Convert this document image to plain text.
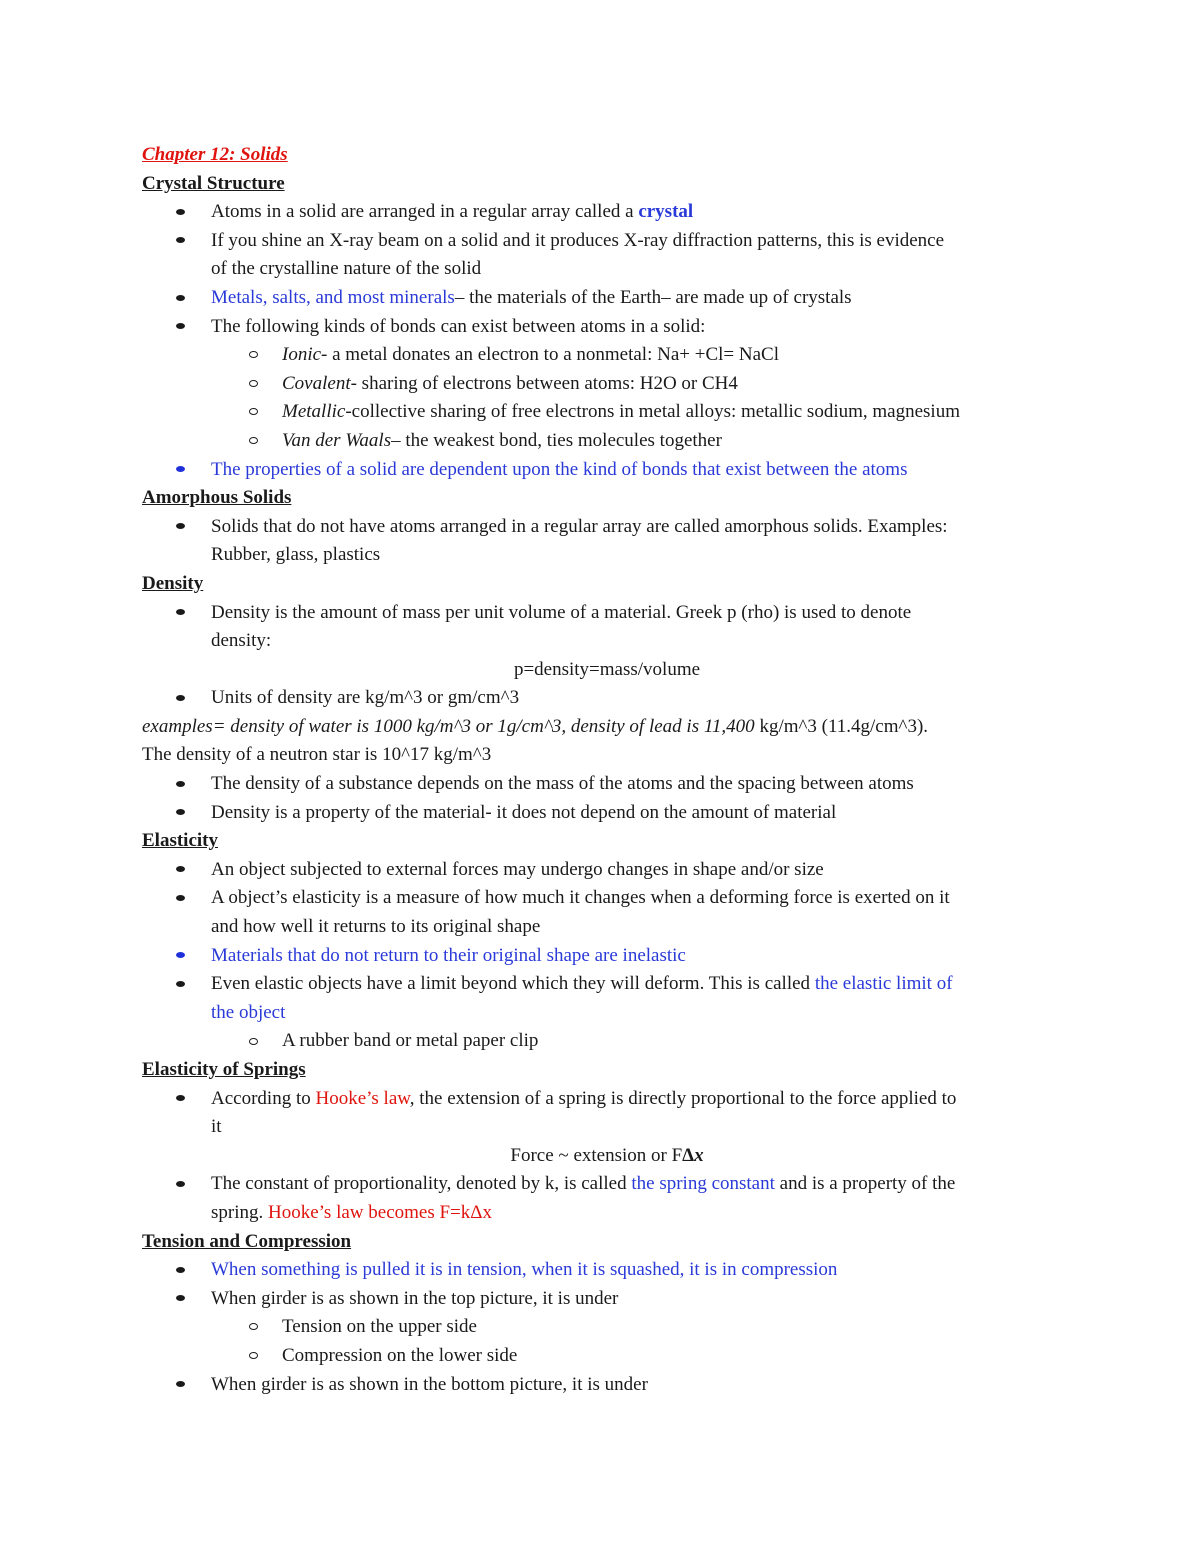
Chapter 12: Solids
Crystal Structure
Atoms in a solid are arranged in a regular array called a crystal
If you shine an X-ray beam on a solid and it produces X-ray diffraction patterns, this is evidence
of the crystalline nature of the solid
Metals, salts, and most minerals– the materials of the Earth– are made up of crystals
The following kinds of bonds can exist between atoms in a solid:
Ionic- a metal donates an electron to a nonmetal: Na+ +Cl= NaCl
Covalent- sharing of electrons between atoms: H2O or CH4
Metallic-collective sharing of free electrons in metal alloys: metallic sodium, magnesium
Van der Waals– the weakest bond, ties molecules together
The properties of a solid are dependent upon the kind of bonds that exist between the atoms
Amorphous Solids
Solids that do not have atoms arranged in a regular array are called amorphous solids. Examples:
Rubber, glass, plastics
Density
Density is the amount of mass per unit volume of a material. Greek p (rho) is used to denote
density:
p=density=mass/volume
Units of density are kg/m^3 or gm/cm^3
examples= density of water is 1000 kg/m^3 or 1g/cm^3, density of lead is 11,400 kg/m^3 (11.4g/cm^3).
The density of a neutron star is 10^17 kg/m^3
The density of a substance depends on the mass of the atoms and the spacing between atoms
Density is a property of the material- it does not depend on the amount of material
Elasticity
An object subjected to external forces may undergo changes in shape and/or size
A object’s elasticity is a measure of how much it changes when a deforming force is exerted on it
and how well it returns to its original shape
Materials that do not return to their original shape are inelastic
Even elastic objects have a limit beyond which they will deform. This is called the elastic limit of
the object
A rubber band or metal paper clip
Elasticity of Springs
According to Hooke’s law, the extension of a spring is directly proportional to the force applied to
it
Force ~ extension or FΔx
The constant of proportionality, denoted by k, is called the spring constant and is a property of the
spring. Hooke’s law becomes F=kΔx
Tension and Compression
When something is pulled it is in tension, when it is squashed, it is in compression
When girder is as shown in the top picture, it is under
Tension on the upper side
Compression on the lower side
When girder is as shown in the bottom picture, it is under
